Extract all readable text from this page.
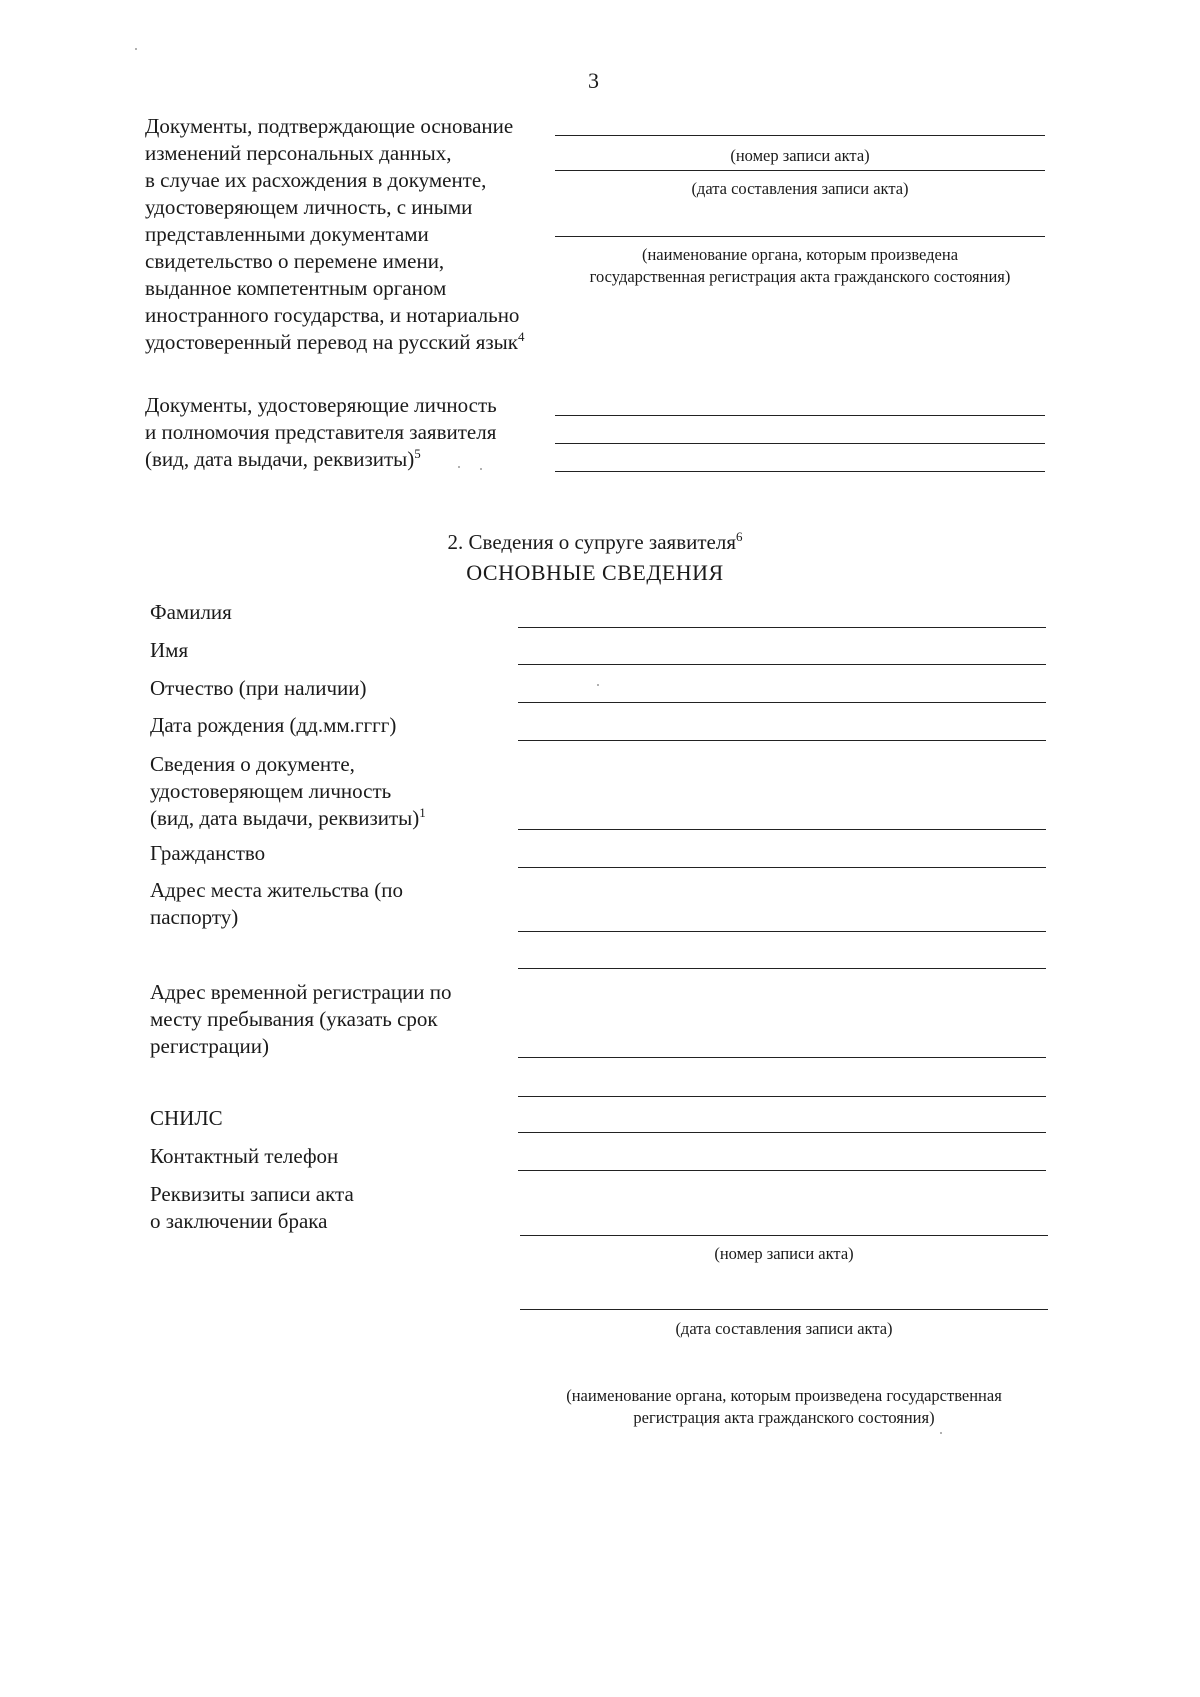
3
Документы, подтверждающие основание
изменений персональных данных,
в случае их расхождения в документе,
удостоверяющем личность, с иными
представленными документами
свидетельство о перемене имени,
выданное компетентным органом
иностранного государства, и нотариально
удостоверенный перевод на русский язык$^4$
(номер записи акта)
(дата составления записи акта)
(наименование органа, которым произведена
государственная регистрация акта гражданского состояния)
Документы, удостоверяющие личность
и полномочия представителя заявителя
(вид, дата выдачи, реквизиты)$^5$
2. Сведения о супруге заявителя$^6$
ОСНОВНЫЕ СВЕДЕНИЯ
Фамилия
Имя
Отчество (при наличии)
Дата рождения (дд.мм.гггг)
Сведения о документе,
удостоверяющем личность
(вид, дата выдачи, реквизиты)$^1$
Гражданство
Адрес места жительства (по
паспорту)
Адрес временной регистрации по
месту пребывания (указать срок
регистрации)
СНИЛС
Контактный телефон
Реквизиты записи акта
о заключении брака
(номер записи акта)
(дата составления записи акта)
(наименование органа, которым произведена государственная
регистрация акта гражданского состояния)
